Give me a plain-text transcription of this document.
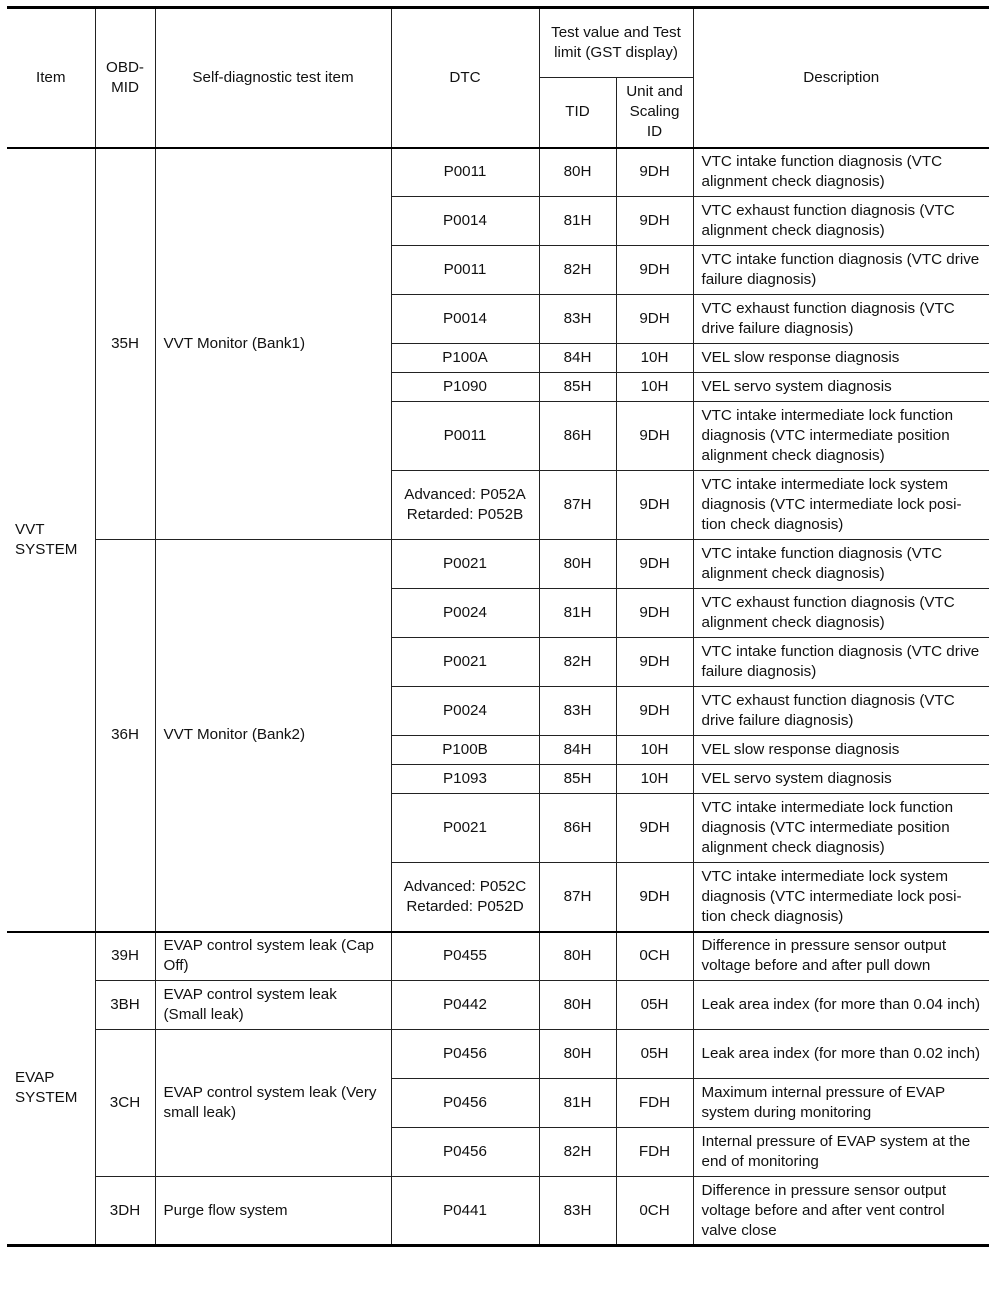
Item	OBD-MID	Self-diagnostic test item	DTC	Test value and Test limit (GST display)		Description
				TID	Unit and Scaling ID	
VVT SYSTEM	35H	VVT Monitor (Bank1)	P0011	80H	9DH	VTC intake function diagnosis (VTC alignment check diagnosis)
			P0014	81H	9DH	VTC exhaust function diagnosis (VTC alignment check diagnosis)
			P0011	82H	9DH	VTC intake function diagnosis (VTC drive failure diagnosis)
			P0014	83H	9DH	VTC exhaust function diagnosis (VTC drive failure diagnosis)
			P100A	84H	10H	VEL slow response diagnosis
			P1090	85H	10H	VEL servo system diagnosis
			P0011	86H	9DH	VTC intake intermediate lock function diagnosis (VTC intermediate position alignment check diagnosis)

			Advanced: P052A
Retarded: P052B	87H	9DH	VTC intake intermediate lock system diagnosis (VTC intermediate lock posi-tion check diagnosis)
	36H	VVT Monitor (Bank2)	P0021	80H	9DH	VTC intake function diagnosis (VTC alignment check diagnosis)
			P0024	81H	9DH	VTC exhaust function diagnosis (VTC alignment check diagnosis)
			P0021	82H	9DH	VTC intake function diagnosis (VTC drive failure diagnosis)
			P0024	83H	9DH	VTC exhaust function diagnosis (VTC drive failure diagnosis)
			P100B	84H	10H	VEL slow response diagnosis
			P1093	85H	10H	VEL servo system diagnosis
			P0021	86H	9DH	VTC intake intermediate lock function diagnosis (VTC intermediate position alignment check diagnosis)

			Advanced: P052C
Retarded: P052D	87H	9DH	VTC intake intermediate lock system diagnosis (VTC intermediate lock posi-tion check diagnosis)
EVAP SYSTEM	39H	EVAP control system leak (Cap Off)	P0455	80H	0CH	Difference in pressure sensor output voltage before and after pull down
	3BH	EVAP control system leak (Small leak)	P0442	80H	05H	Leak area index (for more than 0.04 inch)
	3CH	EVAP control system leak (Very small leak)	P0456	80H	05H	Leak area index (for more than 0.02 inch)
			P0456	81H	FDH	Maximum internal pressure of EVAP system during monitoring
			P0456	82H	FDH	Internal pressure of EVAP system at the end of monitoring
	3DH	Purge flow system	P0441	83H	0CH	Difference in pressure sensor output voltage before and after vent control valve close
